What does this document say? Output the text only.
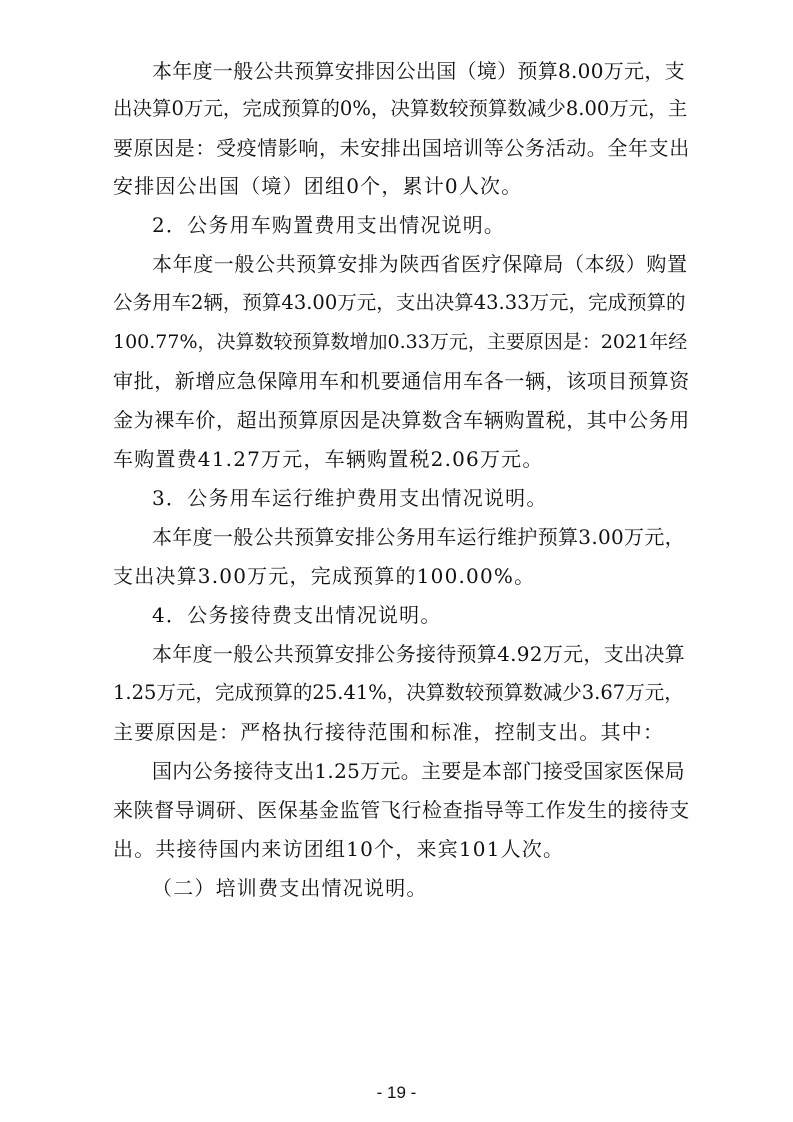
本年度一般公共预算安排因公出国（境）预算8.00万元，支
出决算0万元，完成预算的0%，决算数较预算数减少8.00万元，主
要原因是：受疫情影响，未安排出国培训等公务活动。全年支出
安排因公出国（境）团组0个，累计0人次。
2．公务用车购置费用支出情况说明。
本年度一般公共预算安排为陕西省医疗保障局（本级）购置
公务用车2辆，预算43.00万元，支出决算43.33万元，完成预算的
100.77%，决算数较预算数增加0.33万元，主要原因是：2021年经
审批，新增应急保障用车和机要通信用车各一辆，该项目预算资
金为裸车价，超出预算原因是决算数含车辆购置税，其中公务用
车购置费41.27万元，车辆购置税2.06万元。
3．公务用车运行维护费用支出情况说明。
本年度一般公共预算安排公务用车运行维护预算3.00万元，
支出决算3.00万元，完成预算的100.00%。
4．公务接待费支出情况说明。
本年度一般公共预算安排公务接待预算4.92万元，支出决算
1.25万元，完成预算的25.41%，决算数较预算数减少3.67万元，
主要原因是：严格执行接待范围和标准，控制支出。其中：
国内公务接待支出1.25万元。主要是本部门接受国家医保局
来陕督导调研、医保基金监管飞行检查指导等工作发生的接待支
出。共接待国内来访团组10个，来宾101人次。
（二）培训费支出情况说明。
- 19 -
